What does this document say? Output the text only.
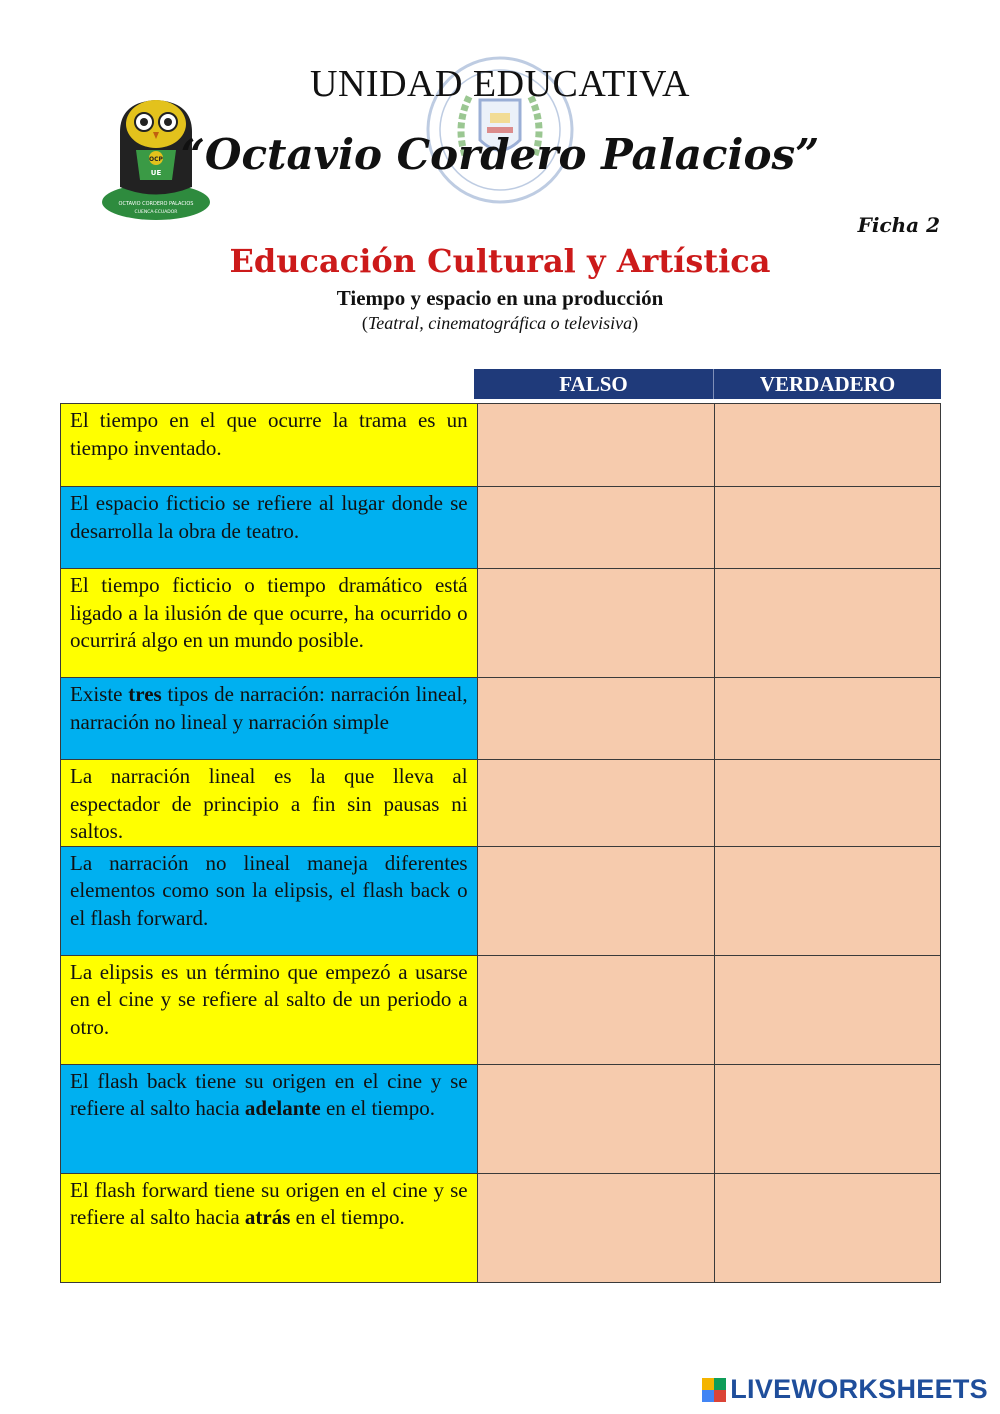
OCP
UE
OCTAVIO CORDERO PALACIOS
CUENCA-ECUADOR
UNIDAD EDUCATIVA
“Octavio Cordero Palacios”
Ficha 2
Educación Cultural y Artística
Tiempo y espacio en una producción
(Teatral, cinematográfica o televisiva)
FALSO	VERDADERO
El tiempo en el que ocurre la trama es un tiempo inventado.		
El espacio ficticio se refiere al lugar donde se desarrolla la obra de teatro.		
El tiempo ficticio o tiempo dramático está ligado a la ilusión de que ocurre, ha ocurrido o ocurrirá algo en un mundo posible.		
Existe tres tipos de narración: narración lineal, narración no lineal y narración simple		
La narración lineal es la que lleva al espectador de principio a fin sin pausas ni saltos.		
La narración no lineal maneja diferentes elementos como son la elipsis, el flash back o el flash forward.		
La elipsis es un término que empezó a usarse en el cine y se refiere al salto de un periodo a otro.		
El flash back tiene su origen en el cine y se refiere al salto hacia adelante en el tiempo.		
El flash forward tiene su origen en el cine y se refiere al salto hacia atrás en el tiempo.		
LIVEWORKSHEETS
